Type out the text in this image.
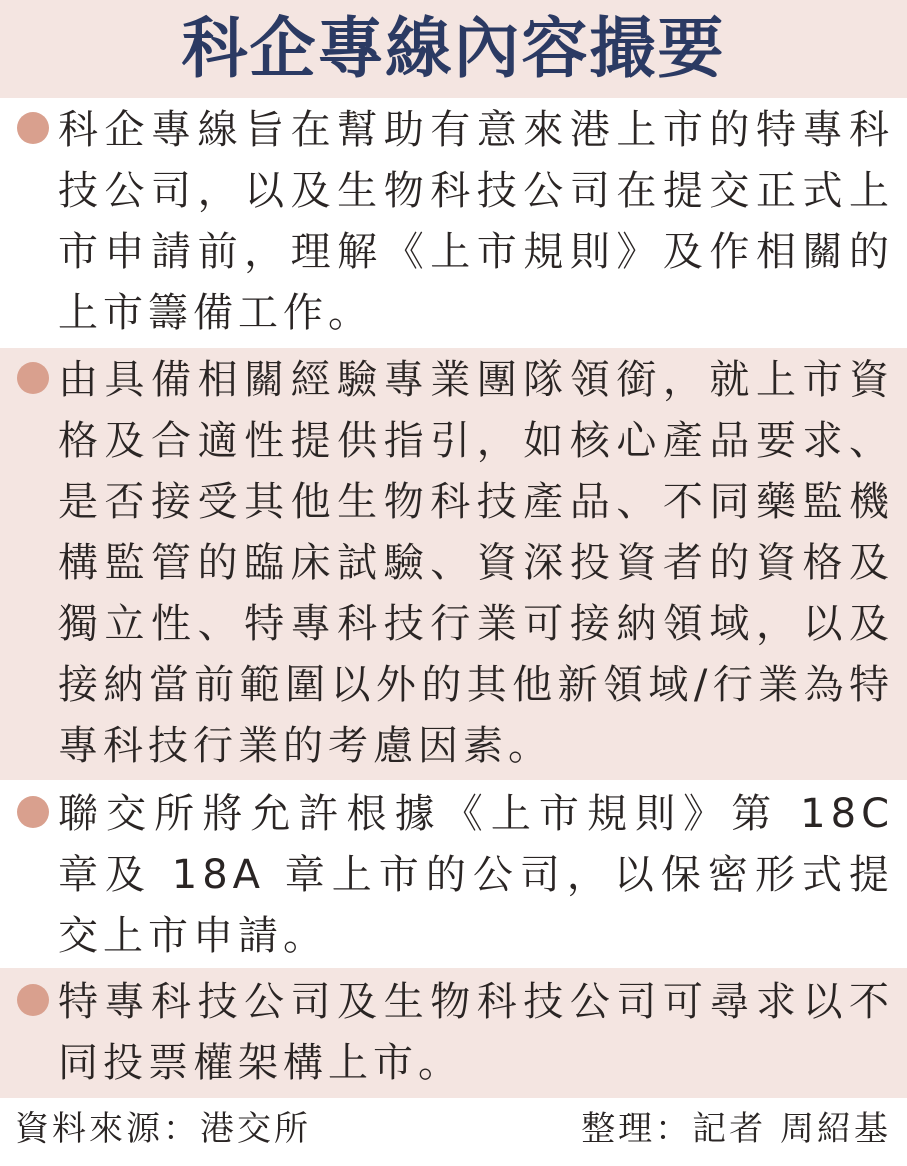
科企專線內容撮要
科企專線旨在幫助有意來港上市的特專科技公司，以及生物科技公司在提交正式上市申請前，理解《上市規則》及作相關的上市籌備工作。
由具備相關經驗專業團隊領銜，就上市資格及合適性提供指引，如核心產品要求、是否接受其他生物科技產品、不同藥監機構監管的臨床試驗、資深投資者的資格及獨立性、特專科技行業可接納領域，以及接納當前範圍以外的其他新領域/行業為特專科技行業的考慮因素。
聯交所將允許根據《上市規則》第 18C 章及 18A 章上市的公司，以保密形式提交上市申請。
特專科技公司及生物科技公司可尋求以不同投票權架構上市。
資料來源：港交所	整理：記者 周紹基
